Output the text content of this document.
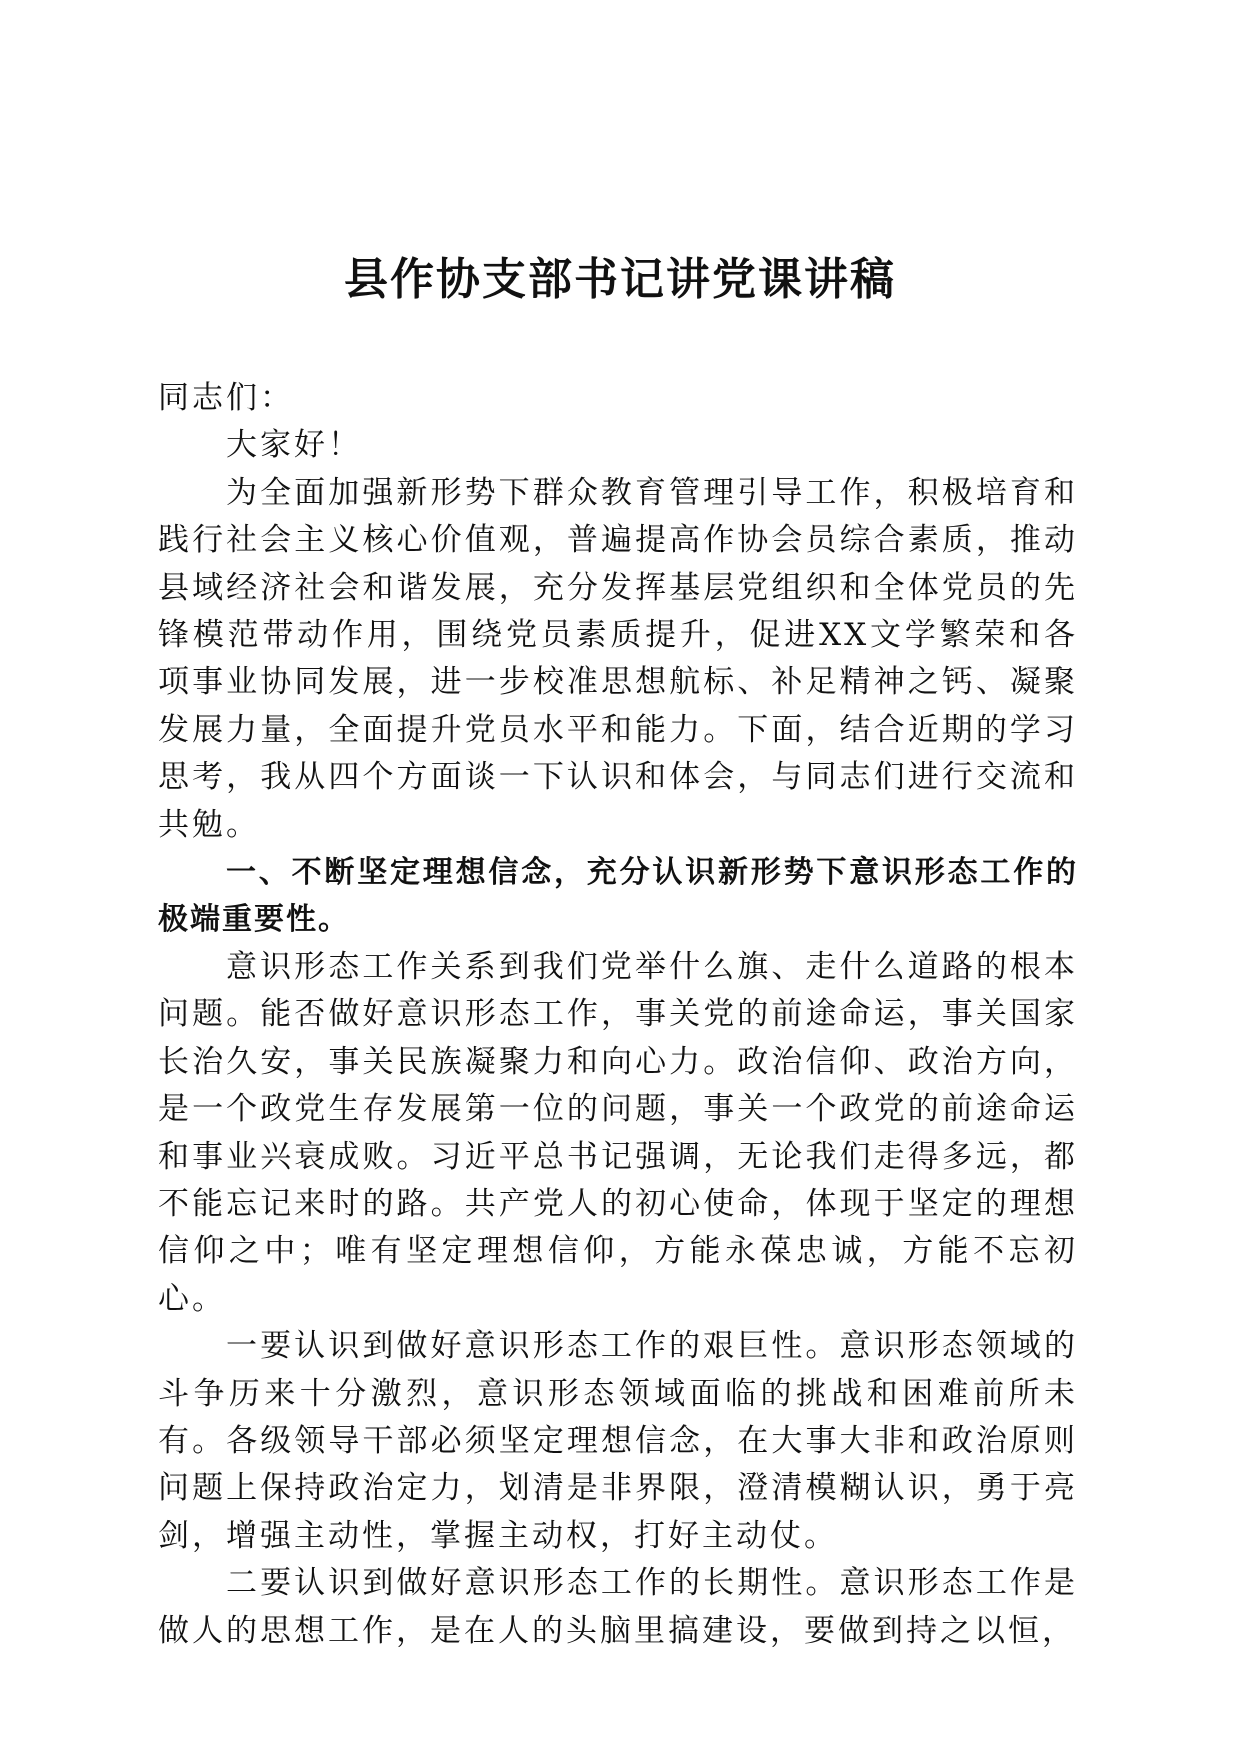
县作协支部书记讲党课讲稿

同志们：

大家好！

为全面加强新形势下群众教育管理引导工作，积极培育和践行社会主义核心价值观，普遍提高作协会员综合素质，推动县域经济社会和谐发展，充分发挥基层党组织和全体党员的先锋模范带动作用，围绕党员素质提升，促进XX文学繁荣和各项事业协同发展，进一步校准思想航标、补足精神之钙、凝聚发展力量，全面提升党员水平和能力。下面，结合近期的学习思考，我从四个方面谈一下认识和体会，与同志们进行交流和共勉。

一、不断坚定理想信念，充分认识新形势下意识形态工作的极端重要性。

意识形态工作关系到我们党举什么旗、走什么道路的根本问题。能否做好意识形态工作，事关党的前途命运，事关国家长治久安，事关民族凝聚力和向心力。政治信仰、政治方向，是一个政党生存发展第一位的问题，事关一个政党的前途命运和事业兴衰成败。习近平总书记强调，无论我们走得多远，都不能忘记来时的路。共产党人的初心使命，体现于坚定的理想信仰之中；唯有坚定理想信仰，方能永葆忠诚，方能不忘初心。

一要认识到做好意识形态工作的艰巨性。意识形态领域的斗争历来十分激烈，意识形态领域面临的挑战和困难前所未有。各级领导干部必须坚定理想信念，在大事大非和政治原则问题上保持政治定力，划清是非界限，澄清模糊认识，勇于亮剑，增强主动性，掌握主动权，打好主动仗。

二要认识到做好意识形态工作的长期性。意识形态工作是做人的思想工作，是在人的头脑里搞建设，要做到持之以恒，
